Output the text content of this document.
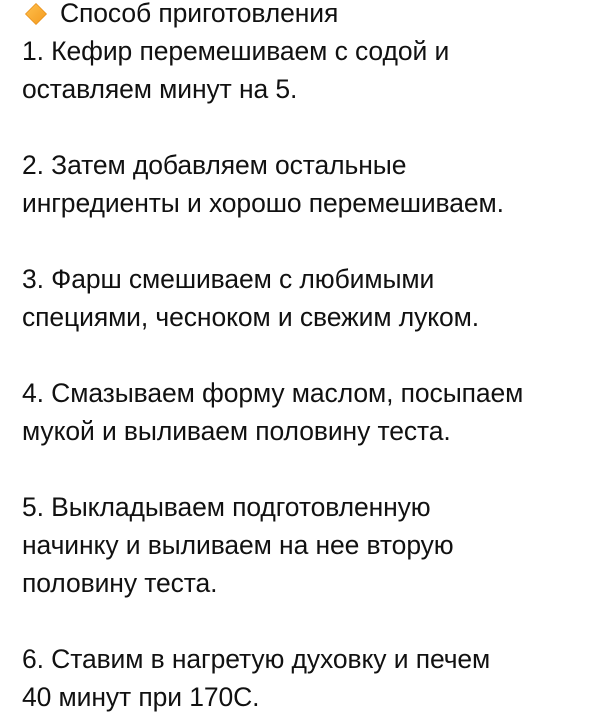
Способ приготовления
1. Кефир перемешиваем с содой и
оставляем минут на 5.
2. Затем добавляем остальные
ингредиенты и хорошо перемешиваем.
3. Фарш смешиваем с любимыми
специями, чесноком и свежим луком.
4. Смазываем форму маслом, посыпаем
мукой и выливаем половину теста.
5. Выкладываем подготовленную
начинку и выливаем на нее вторую
половину теста.
6. Ставим в нагретую духовку и печем
40 минут при 170С.
